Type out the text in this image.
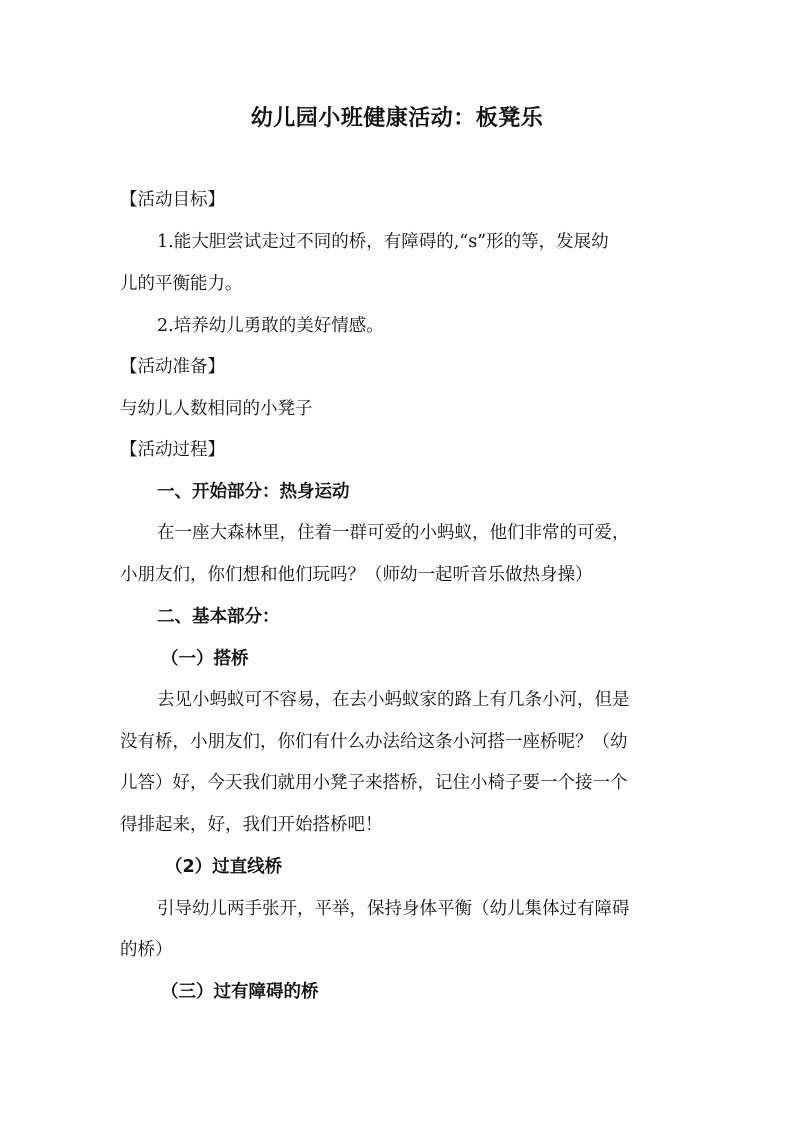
幼儿园小班健康活动：板凳乐
【活动目标】
1.能大胆尝试走过不同的桥，有障碍的,“s”形的等，发展幼
儿的平衡能力。
2.培养幼儿勇敢的美好情感。
【活动准备】
与幼儿人数相同的小凳子
【活动过程】
一、开始部分：热身运动
在一座大森林里，住着一群可爱的小蚂蚁，他们非常的可爱，
小朋友们，你们想和他们玩吗？（师幼一起听音乐做热身操）
二、基本部分：
（一）搭桥
去见小蚂蚁可不容易，在去小蚂蚁家的路上有几条小河，但是
没有桥，小朋友们，你们有什么办法给这条小河搭一座桥呢？（幼
儿答）好，今天我们就用小凳子来搭桥，记住小椅子要一个接一个
得排起来，好，我们开始搭桥吧！
（2）过直线桥
引导幼儿两手张开，平举，保持身体平衡（幼儿集体过有障碍
的桥）
（三）过有障碍的桥
